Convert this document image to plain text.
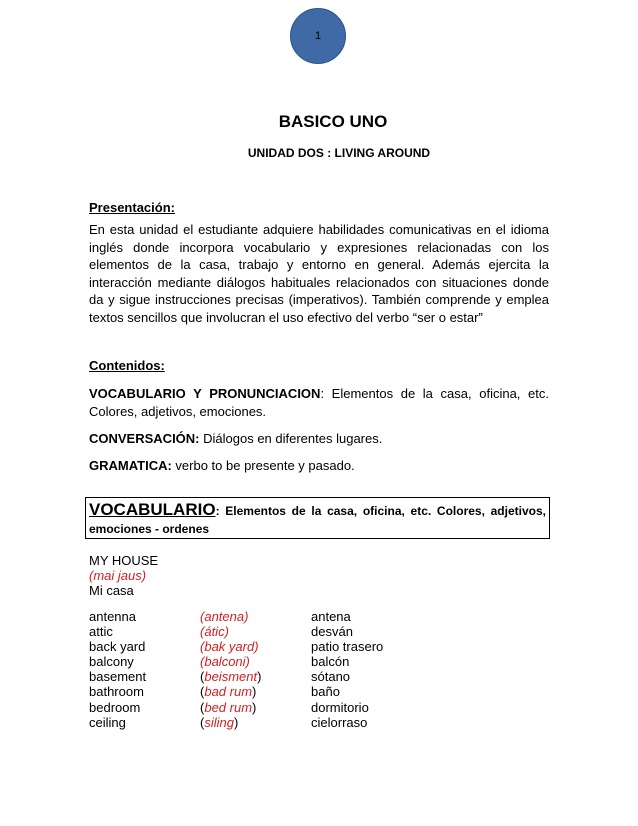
1
BASICO UNO
UNIDAD DOS : LIVING AROUND
Presentación:
En esta unidad el estudiante adquiere habilidades comunicativas en el idioma inglés donde incorpora vocabulario y expresiones relacionadas con los elementos de la casa, trabajo y entorno en general. Además ejercita la interacción mediante diálogos habituales relacionados con situaciones donde da y sigue instrucciones precisas (imperativos). También comprende y emplea textos sencillos que involucran el uso efectivo del verbo “ser o estar”
Contenidos:
VOCABULARIO Y PRONUNCIACION: Elementos de la casa, oficina, etc. Colores, adjetivos, emociones.
CONVERSACIÓN: Diálogos en diferentes lugares.
GRAMATICA: verbo to be presente y pasado.
VOCABULARIO: Elementos de la casa, oficina, etc. Colores, adjetivos, emociones - ordenes
MY HOUSE
(mai jaus)
Mi casa
antenna	(antena)	antena
attic	(átic)	desván
back yard	(bak yard)	patio trasero
balcony	(balconi)	balcón
basement	(beisment)	sótano
bathroom	(bad rum)	baño
bedroom	(bed rum)	dormitorio
ceiling	(siling)	cielorraso
